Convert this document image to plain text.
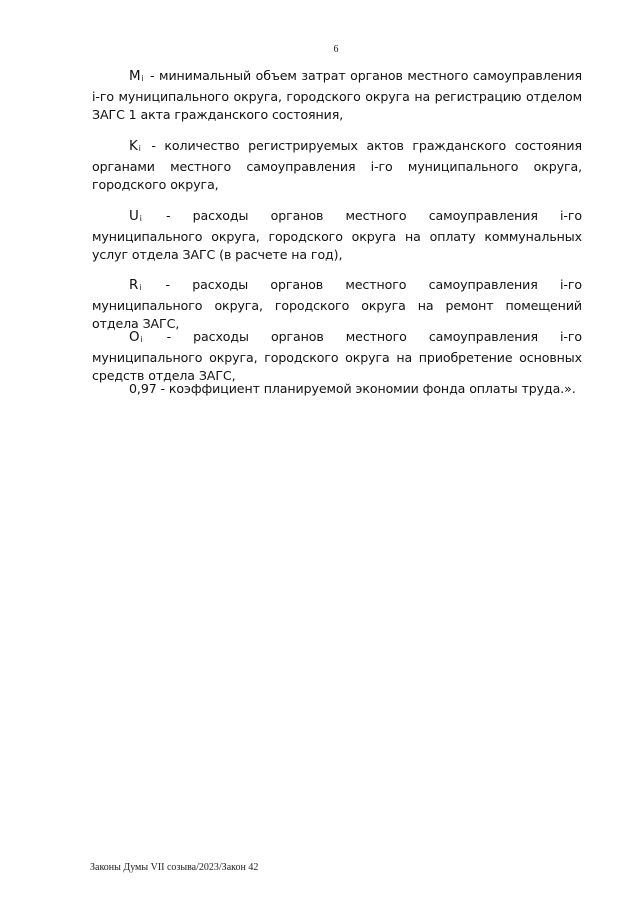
6

Mi - минимальный объем затрат органов местного самоуправления i-го муниципального округа, городского округа на регистрацию отделом ЗАГС 1 акта гражданского состояния,

Ki - количество регистрируемых актов гражданского состояния органами местного самоуправления i-го муниципального округа, городского округа,

Ui - расходы органов местного самоуправления i-го муниципального округа, городского округа на оплату коммунальных услуг отдела ЗАГС (в расчете на год),

Ri - расходы органов местного самоуправления i-го муниципального округа, городского округа на ремонт помещений отдела ЗАГС,

Oi - расходы органов местного самоуправления i-го муниципального округа, городского округа на приобретение основных средств отдела ЗАГС,

0,97 - коэффициент планируемой экономии фонда оплаты труда.».

Законы Думы VII созыва/2023/Закон 42
